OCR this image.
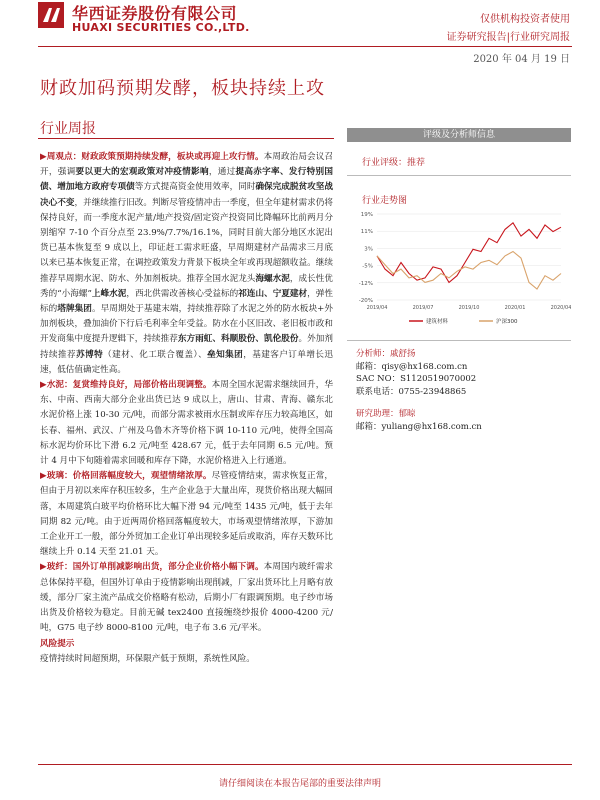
华西证券股份有限公司
HUAXI SECURITIES CO.,LTD.
仅供机构投资者使用
证券研究报告|行业研究周报
2020 年 04 月 19 日
财政加码预期发酵，板块持续上攻
行业周报

▶周观点：财政政策预期持续发酵，板块或再迎上攻行情。本周政治局会议召开，强调要以更大的宏观政策对冲疫情影响，通过提高赤字率、发行特别国债、增加地方政府专项债等方式提高资金使用效率，同时确保完成脱贫攻坚战决心不变，并继续推行旧改。判断尽管疫情冲击一季度，但全年建材需求仍将保持良好，而一季度水泥产量/地产投资/固定资产投资同比降幅环比前两月分别缩窄 7-10 个百分点至 23.9%/7.7%/16.1%，同时目前大部分地区水泥出货已基本恢复至 9 成以上，印证赶工需求旺盛，早周期建材产品需求三月底以来已基本恢复正常，在调控政策发力背景下板块全年或再现超额收益。继续推荐早周期水泥、防水、外加剂板块。推荐全国水泥龙头海螺水泥，成长性优秀的“小海螺”上峰水泥，西北供需改善核心受益标的祁连山、宁夏建材，弹性标的塔牌集团。早周期处于基建末端，持续推荐除了水泥之外的防水板块+外加剂板块，叠加油价下行后毛利率全年受益。防水在小区旧改、老旧板市政和开发商集中度提升逻辑下，持续推荐东方雨虹、科顺股份、凯伦股份。外加剂持续推荐苏博特（建材、化工联合覆盖）、垒知集团，基建客户订单增长迅速，低估值确定性高。

▶水泥：复赏维持良好，局部价格出现调整。本周全国水泥需求继续回升，华东、中南、西南大部分企业出货已达 9 成以上，唐山、甘肃、青海、赣东北水泥价格上涨 10-30 元/吨，而部分需求被雨水压制或库存压力较高地区，如长春、福州、武汉、广州及乌鲁木齐等价格下调 10-110 元/吨，使得全国高标水泥均价环比下滑 6.2 元/吨至 428.67 元，低于去年同期 6.5 元/吨。预计 4 月中下旬随着需求回暖和库存下降，水泥价格进入上行通道。

▶玻璃：价格回落幅度较大，观望情绪浓厚。尽管疫情结束，需求恢复正常，但由于月初以来库存积压较多，生产企业急于大量出库，现货价格出现大幅回落，本周建筑白玻平均价格环比大幅下滑 94 元/吨至 1435 元/吨，低于去年同期 82 元/吨。由于近两周价格回落幅度较大，市场观望情绪浓厚，下游加工企业开工一般，部分外贸加工企业订单出现较多延后或取消，库存天数环比继续上升 0.14 天至 21.01 天。

▶玻纤：国外订单削减影响出货，部分企业价格小幅下调。本周国内玻纤需求总体保持平稳，但国外订单由于疫情影响出现削减，厂家出货环比上月略有放缓，部分厂家主流产品成交价格略有松动，后期小厂有跟调预期。电子纱市场出货及价格较为稳定。目前无碱 tex2400 直接缠绕纱报价 4000-4200 元/吨，G75 电子纱 8000-8100 元/吨，电子布 3.6 元/平米。

风险提示

疫情持续时间超预期，环保限产低于预期，系统性风险。

评级及分析师信息
行业评级：推荐
行业走势图
19%
11%
3%
-5%
-12%
-20%
2019/04	2019/07	2019/10	2020/01	2020/04
建筑材料	沪深300
分析师：戚舒扬
邮箱：qisy@hx168.com.cn
SAC NO：S1120519070002
联系电话：0755-23948865
研究助理：郁晾
邮箱：yuliang@hx168.com.cn
请仔细阅读在本报告尾部的重要法律声明
